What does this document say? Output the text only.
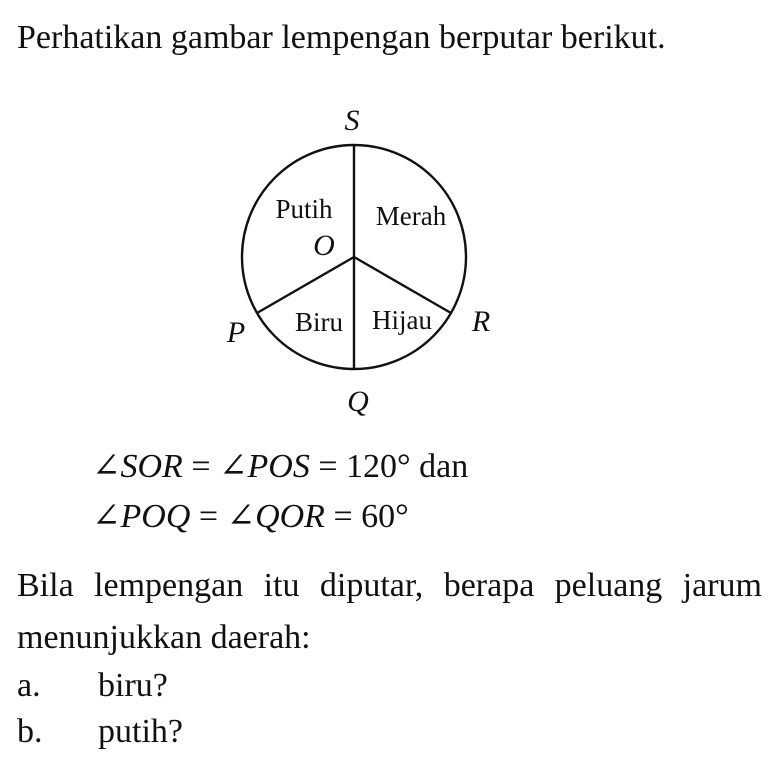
Perhatikan gambar lempengan berputar berikut.

S
O
P	R
Q
Putih Merah
Biru Hijau
∠SOR = ∠POS = 120° dan
∠POQ = ∠QOR = 60°

Bila lempengan itu diputar, berapa peluang jarum menunjukkan daerah:

a. biru?
b. putih?
